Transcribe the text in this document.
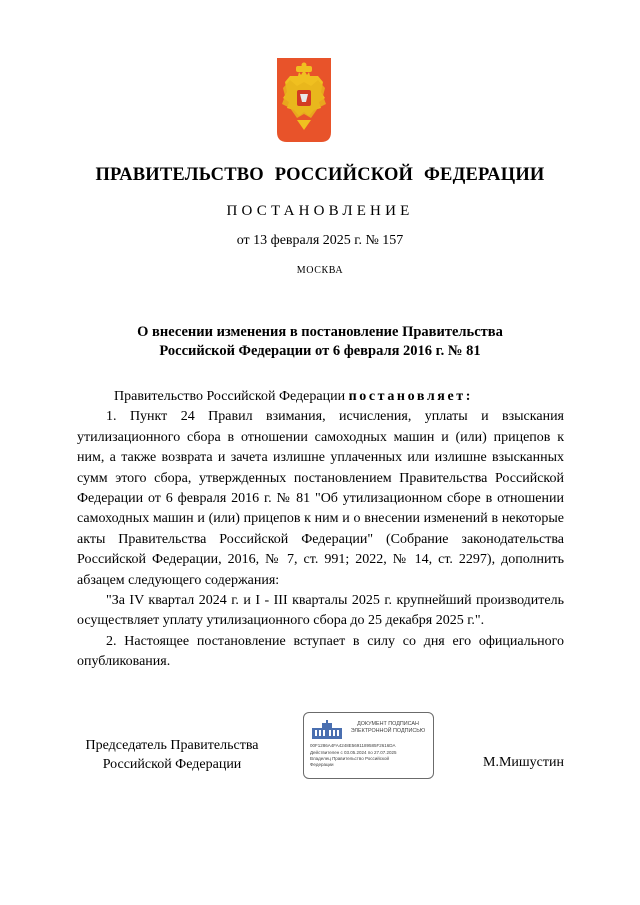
ПРАВИТЕЛЬСТВО РОССИЙСКОЙ ФЕДЕРАЦИИ
ПОСТАНОВЛЕНИЕ
от 13 февраля 2025 г. № 157
МОСКВА
О внесении изменения в постановление Правительства
Российской Федерации от 6 февраля 2016 г. № 81

Правительство Российской Федерации постановляет:

1. Пункт 24 Правил взимания, исчисления, уплаты и взыскания утилизационного сбора в отношении самоходных машин и (или) прицепов к ним, а также возврата и зачета излишне уплаченных или излишне взысканных сумм этого сбора, утвержденных постановлением Правительства Российской Федерации от 6 февраля 2016 г. № 81 "Об утилизационном сборе в отношении самоходных машин и (или) прицепов к ним и о внесении изменений в некоторые акты Правительства Российской Федерации" (Собрание законодательства Российской Федерации, 2016, № 7, ст. 991; 2022, № 14, ст. 2297), дополнить абзацем следующего содержания:

"За IV квартал 2024 г. и I - III кварталы 2025 г. крупнейший производитель осуществляет уплату утилизационного сбора до 25 декабря 2025 г.".

2. Настоящее постановление вступает в силу со дня его официального опубликования.

Председатель Правительства
Российской Федерации
ДОКУМЕНТ ПОДПИСАН
ЭЛЕКТРОННОЙ ПОДПИСЬЮ
00F1286A4FA4248E5691189585F2616DA
Действителен с 03.05.2024 по 27.07.2025
Владелец Правительство Российской
Федерации	М.Мишустин
